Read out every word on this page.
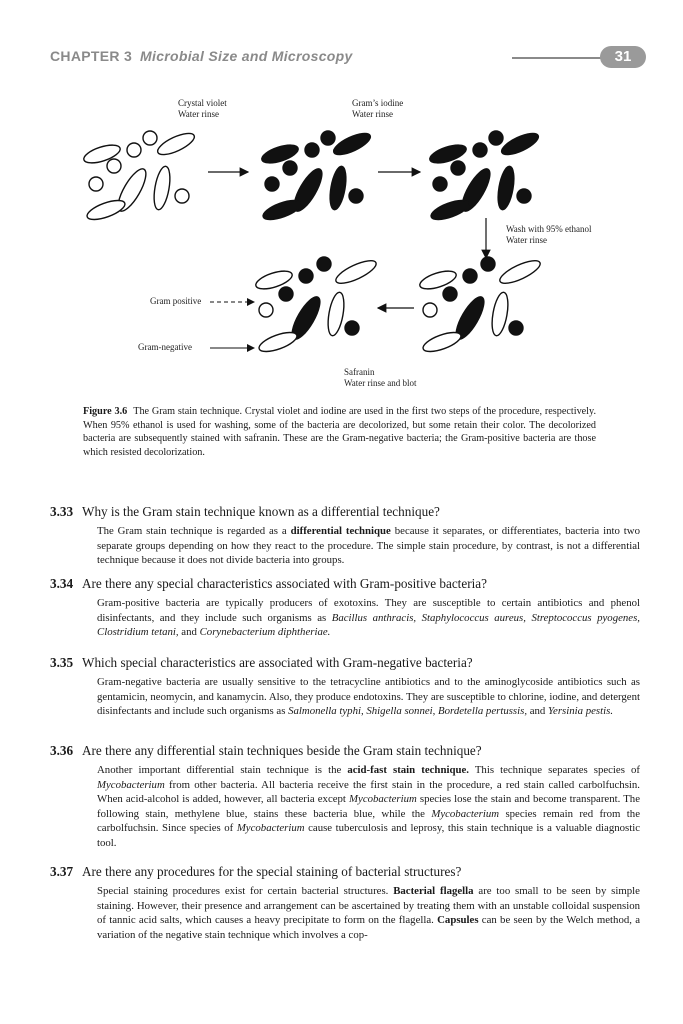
CHAPTER 3 Microbial Size and Microscopy	31
Crystal violet
Water rinse
Gram’s iodine
Water rinse
Wash with 95% ethanol
Water rinse
Gram positive
Gram-negative
Safranin
Water rinse and blot
Figure 3.6 The Gram stain technique. Crystal violet and iodine are used in the first two steps of the procedure, respectively. When 95% ethanol is used for washing, some of the bacteria are decolorized, but some retain their color. The decolorized bacteria are subsequently stained with safranin. These are the Gram-negative bacteria; the Gram-positive bacteria are those which resisted decolorization.
3.33 Why is the Gram stain technique known as a differential technique?

The Gram stain technique is regarded as a differential technique because it separates, or differentiates, bacteria into two separate groups depending on how they react to the procedure. The simple stain procedure, by contrast, is not a differential technique because it does not divide bacteria into groups.

3.34 Are there any special characteristics associated with Gram-positive bacteria?

Gram-positive bacteria are typically producers of exotoxins. They are susceptible to certain antibiotics and phenol disinfectants, and they include such organisms as Bacillus anthracis, Staphylococcus aureus, Streptococcus pyogenes, Clostridium tetani, and Corynebacterium diphtheriae.

3.35 Which special characteristics are associated with Gram-negative bacteria?

Gram-negative bacteria are usually sensitive to the tetracycline antibiotics and to the aminoglycoside antibiotics such as gentamicin, neomycin, and kanamycin. Also, they produce endotoxins. They are susceptible to chlorine, iodine, and detergent disinfectants and include such organisms as Salmonella typhi, Shigella sonnei, Bordetella pertussis, and Yersinia pestis.

3.36 Are there any differential stain techniques beside the Gram stain technique?

Another important differential stain technique is the acid-fast stain technique. This technique separates species of Mycobacterium from other bacteria. All bacteria receive the first stain in the procedure, a red stain called carbolfuchsin. When acid-alcohol is added, however, all bacteria except Mycobacterium species lose the stain and become transparent. The following stain, methylene blue, stains these bacteria blue, while the Mycobacterium species remain red from the carbolfuchsin. Since species of Mycobacterium cause tuberculosis and leprosy, this stain technique is a valuable diagnostic tool.

3.37 Are there any procedures for the special staining of bacterial structures?

Special staining procedures exist for certain bacterial structures. Bacterial flagella are too small to be seen by simple staining. However, their presence and arrangement can be ascertained by treating them with an unstable colloidal suspension of tannic acid salts, which causes a heavy precipitate to form on the flagella. Capsules can be seen by the Welch method, a variation of the negative stain technique which involves a cop-
